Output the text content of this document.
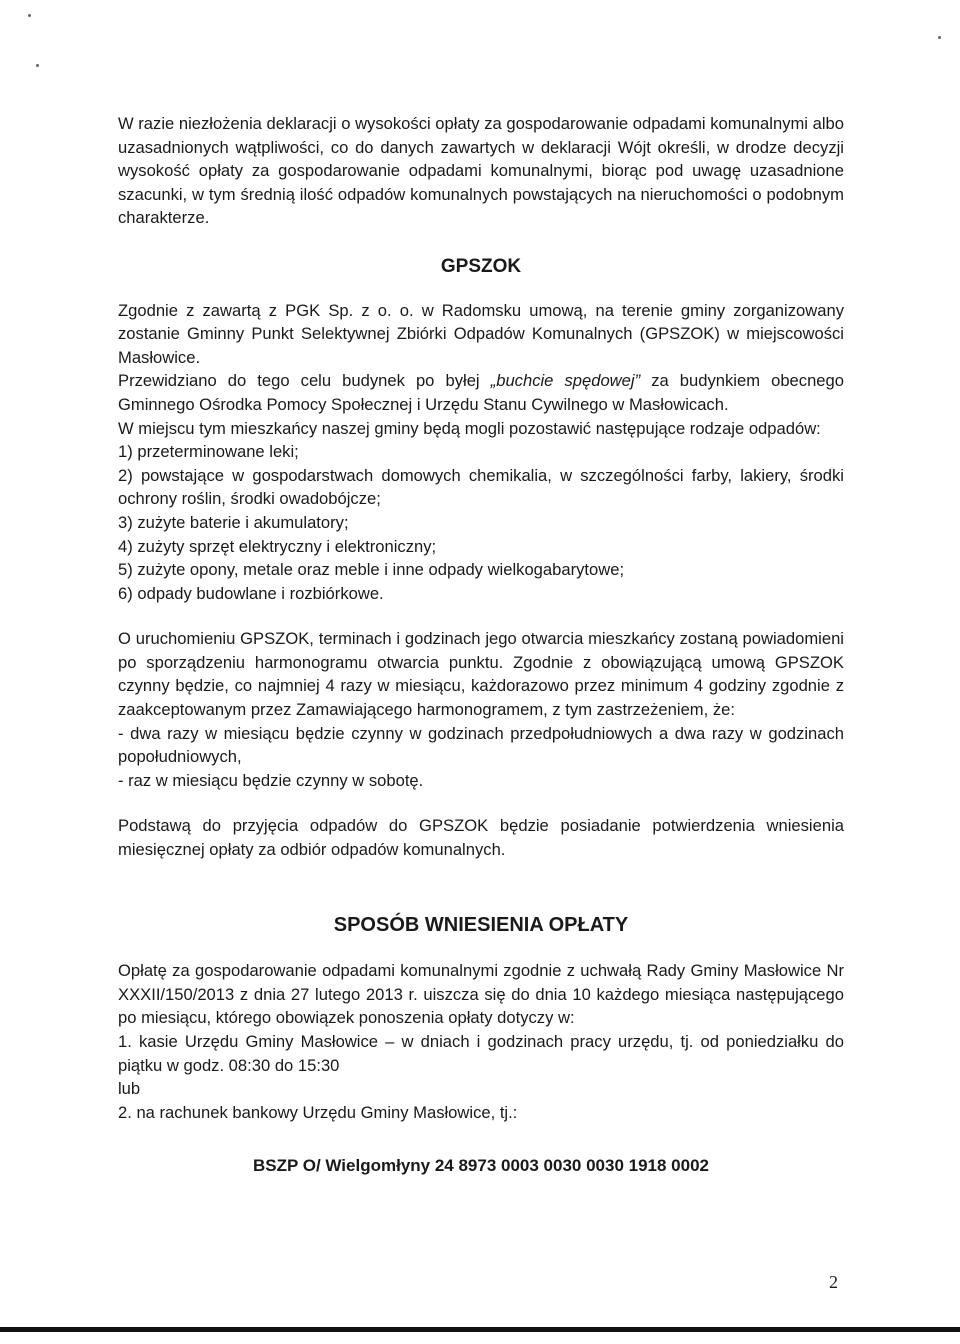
W razie niezłożenia deklaracji o wysokości opłaty za gospodarowanie odpadami komunalnymi albo uzasadnionych wątpliwości, co do danych zawartych w deklaracji Wójt określi, w drodze decyzji wysokość opłaty za gospodarowanie odpadami komunalnymi, biorąc pod uwagę uzasadnione szacunki, w tym średnią ilość odpadów komunalnych powstających na nieruchomości o podobnym charakterze.

GPSZOK

Zgodnie z zawartą z PGK Sp. z o. o. w Radomsku umową, na terenie gminy zorganizowany zostanie Gminny Punkt Selektywnej Zbiórki Odpadów Komunalnych (GPSZOK) w miejscowości Masłowice.

Przewidziano do tego celu budynek po byłej „buchcie spędowej” za budynkiem obecnego Gminnego Ośrodka Pomocy Społecznej i Urzędu Stanu Cywilnego w Masłowicach.

W miejscu tym mieszkańcy naszej gminy będą mogli pozostawić następujące rodzaje odpadów:

1) przeterminowane leki;

2) powstające w gospodarstwach domowych chemikalia, w szczególności farby, lakiery, środki ochrony roślin, środki owadobójcze;

3) zużyte baterie i akumulatory;

4) zużyty sprzęt elektryczny i elektroniczny;

5) zużyte opony, metale oraz meble i inne odpady wielkogabarytowe;

6) odpady budowlane i rozbiórkowe.

O uruchomieniu GPSZOK, terminach i godzinach jego otwarcia mieszkańcy zostaną powiadomieni po sporządzeniu harmonogramu otwarcia punktu. Zgodnie z obowiązującą umową GPSZOK czynny będzie, co najmniej 4 razy w miesiącu, każdorazowo przez minimum 4 godziny zgodnie z zaakceptowanym przez Zamawiającego harmonogramem, z tym zastrzeżeniem, że:

- dwa razy w miesiącu będzie czynny w godzinach przedpołudniowych a dwa razy w godzinach popołudniowych,

- raz w miesiącu będzie czynny w sobotę.

Podstawą do przyjęcia odpadów do GPSZOK będzie posiadanie potwierdzenia wniesienia miesięcznej opłaty za odbiór odpadów komunalnych.

SPOSÓB WNIESIENIA OPŁATY

Opłatę za gospodarowanie odpadami komunalnymi zgodnie z uchwałą Rady Gminy Masłowice Nr XXXII/150/2013 z dnia 27 lutego 2013 r. uiszcza się do dnia 10 każdego miesiąca następującego po miesiącu, którego obowiązek ponoszenia opłaty dotyczy w:

1. kasie Urzędu Gminy Masłowice – w dniach i godzinach pracy urzędu, tj. od poniedziałku do piątku w godz. 08:30 do 15:30

lub

2. na rachunek bankowy Urzędu Gminy Masłowice, tj.:

BSZP O/ Wielgomłyny 24 8973 0003 0030 0030 1918 0002
2
